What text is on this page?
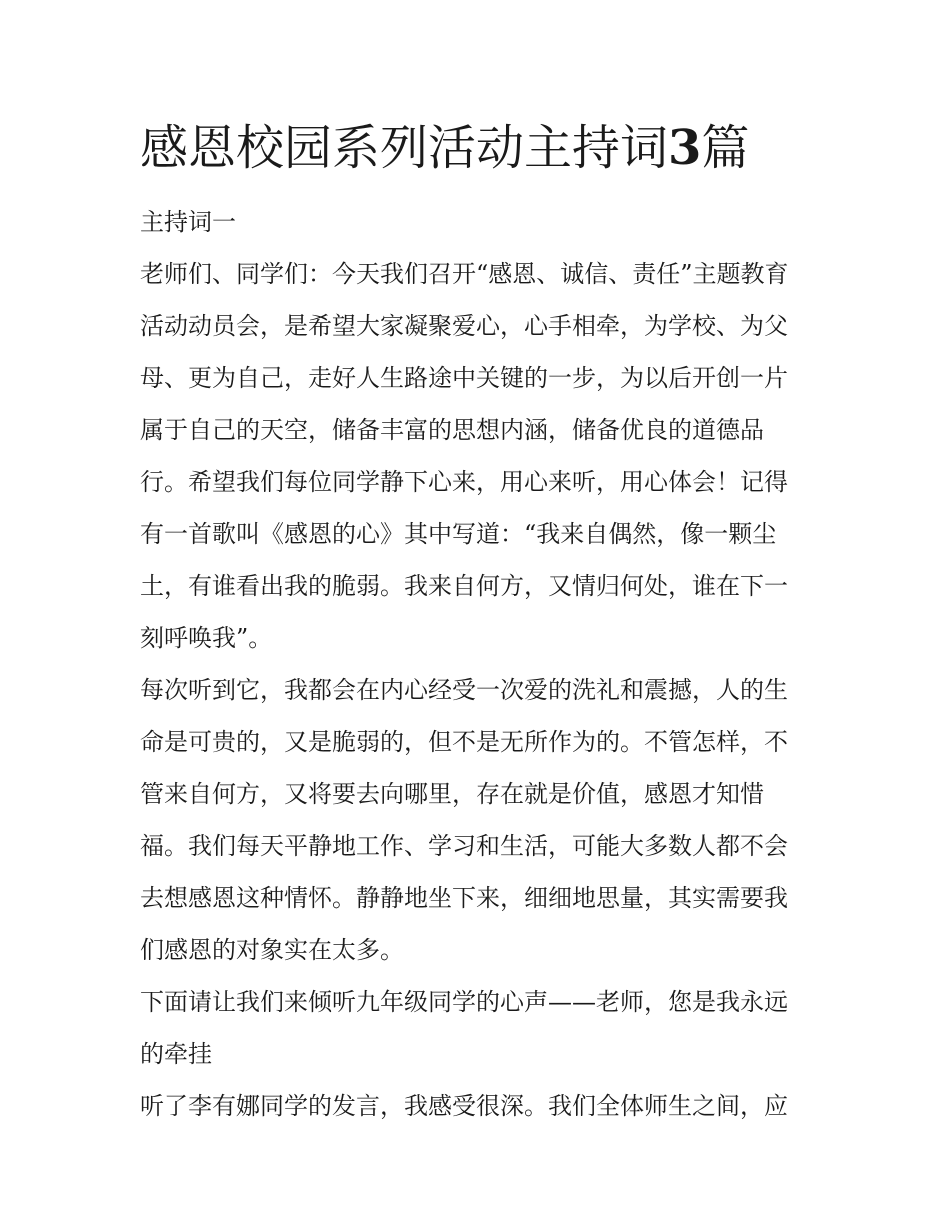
感恩校园系列活动主持词3篇
主持词一
老师们、同学们：今天我们召开“感恩、诚信、责任”主题教育
活动动员会，是希望大家凝聚爱心，心手相牵，为学校、为父
母、更为自己，走好人生路途中关键的一步，为以后开创一片
属于自己的天空，储备丰富的思想内涵，储备优良的道德品
行。希望我们每位同学静下心来，用心来听，用心体会！记得
有一首歌叫《感恩的心》其中写道：“我来自偶然，像一颗尘
土，有谁看出我的脆弱。我来自何方，又情归何处，谁在下一
刻呼唤我”。
每次听到它，我都会在内心经受一次爱的洗礼和震撼，人的生
命是可贵的，又是脆弱的，但不是无所作为的。不管怎样，不
管来自何方，又将要去向哪里，存在就是价值，感恩才知惜
福。我们每天平静地工作、学习和生活，可能大多数人都不会
去想感恩这种情怀。静静地坐下来，细细地思量，其实需要我
们感恩的对象实在太多。
下面请让我们来倾听九年级同学的心声——老师，您是我永远
的牵挂
听了李有娜同学的发言，我感受很深。我们全体师生之间，应
